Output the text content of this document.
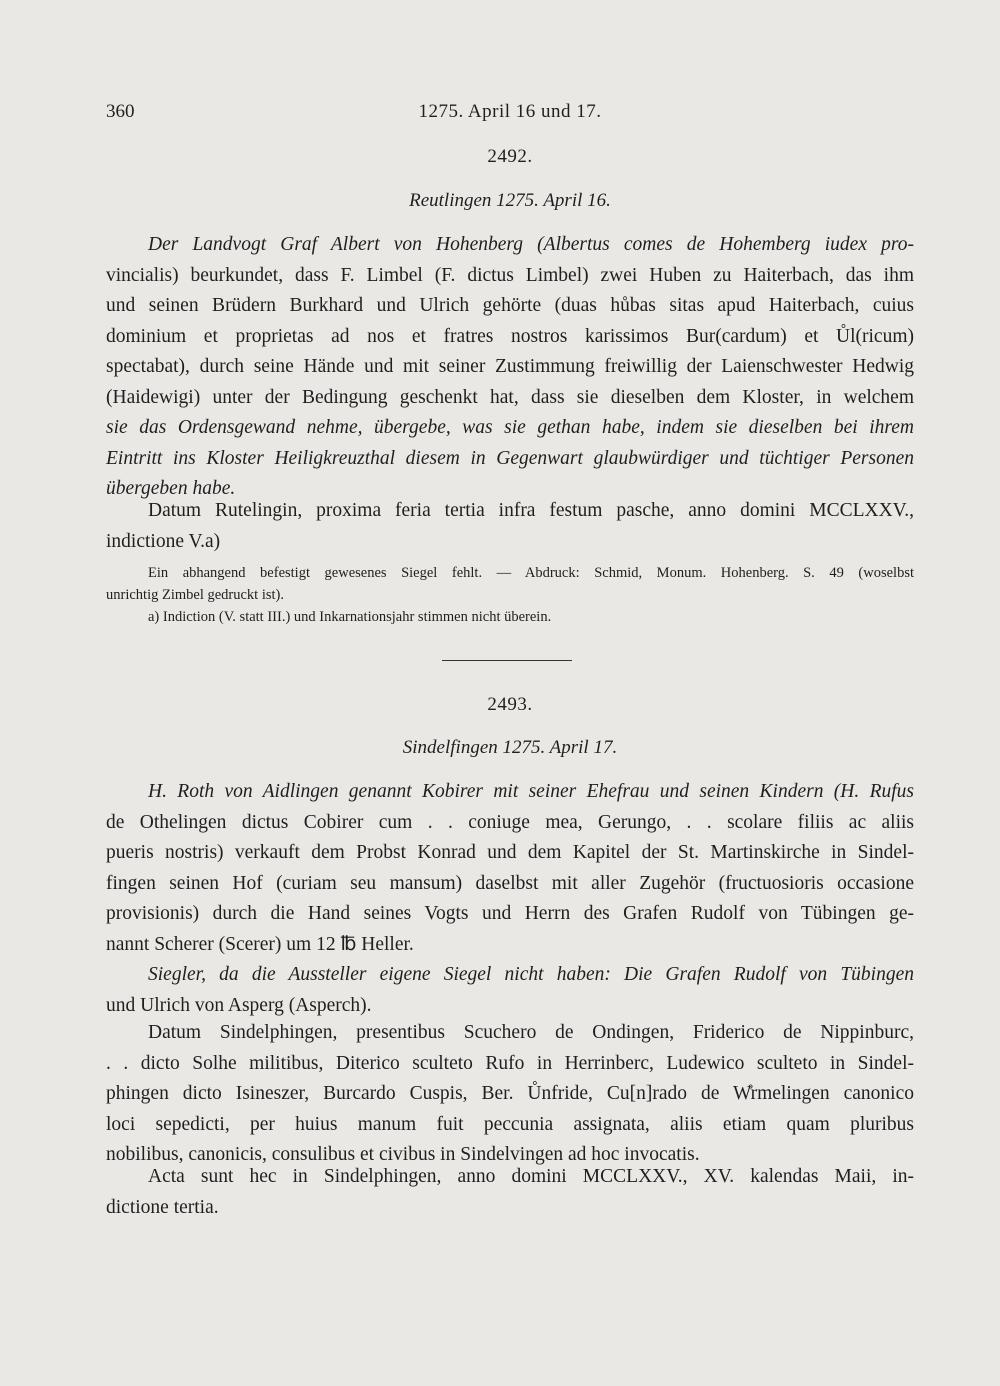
360	1275. April 16 und 17.
2492.
Reutlingen 1275. April 16.
Der Landvogt Graf Albert von Hohenberg (Albertus comes de Hohemberg iudex pro-
vincialis) beurkundet, dass F. Limbel (F. dictus Limbel) zwei Huben zu Haiterbach, das ihm
und seinen Brüdern Burkhard und Ulrich gehörte (duas hůbas sitas apud Haiterbach, cuius
dominium et proprietas ad nos et fratres nostros karissimos Bur(cardum) et Ůl(ricum)
spectabat), durch seine Hände und mit seiner Zustimmung freiwillig der Laienschwester Hedwig
(Haidewigi) unter der Bedingung geschenkt hat, dass sie dieselben dem Kloster, in welchem
sie das Ordensgewand nehme, übergebe, was sie gethan habe, indem sie dieselben bei ihrem
Eintritt ins Kloster Heiligkreuzthal diesem in Gegenwart glaubwürdiger und tüchtiger Personen
übergeben habe.
Datum Rutelingin, proxima feria tertia infra festum pasche, anno domini MCCLXXV.,
indictione V.a)
Ein abhangend befestigt gewesenes Siegel fehlt. — Abdruck: Schmid, Monum. Hohenberg. S. 49 (woselbst
unrichtig Zimbel gedruckt ist).
a) Indiction (V. statt III.) und Inkarnationsjahr stimmen nicht überein.
2493.
Sindelfingen 1275. April 17.
H. Roth von Aidlingen genannt Kobirer mit seiner Ehefrau und seinen Kindern (H. Rufus
de Othelingen dictus Cobirer cum . . coniuge mea, Gerungo, . . scolare filiis ac aliis
pueris nostris) verkauft dem Probst Konrad und dem Kapitel der St. Martinskirche in Sindel-
fingen seinen Hof (curiam seu mansum) daselbst mit aller Zugehör (fructuosioris occasione
provisionis) durch die Hand seines Vogts und Herrn des Grafen Rudolf von Tübingen ge-
nannt Scherer (Scerer) um 12 ℔ Heller.
Siegler, da die Aussteller eigene Siegel nicht haben: Die Grafen Rudolf von Tübingen
und Ulrich von Asperg (Asperch).
Datum Sindelphingen, presentibus Scuchero de Ondingen, Friderico de Nippinburc,
. . dicto Solhe militibus, Diterico sculteto Rufo in Herrinberc, Ludewico sculteto in Sindel-
phingen dicto Isineszer, Burcardo Cuspis, Ber. Ůnfride, Cu[n]rado de W̊rmelingen canonico
loci sepedicti, per huius manum fuit peccunia assignata, aliis etiam quam pluribus
nobilibus, canonicis, consulibus et civibus in Sindelvingen ad hoc invocatis.
Acta sunt hec in Sindelphingen, anno domini MCCLXXV., XV. kalendas Maii, in-
dictione tertia.
